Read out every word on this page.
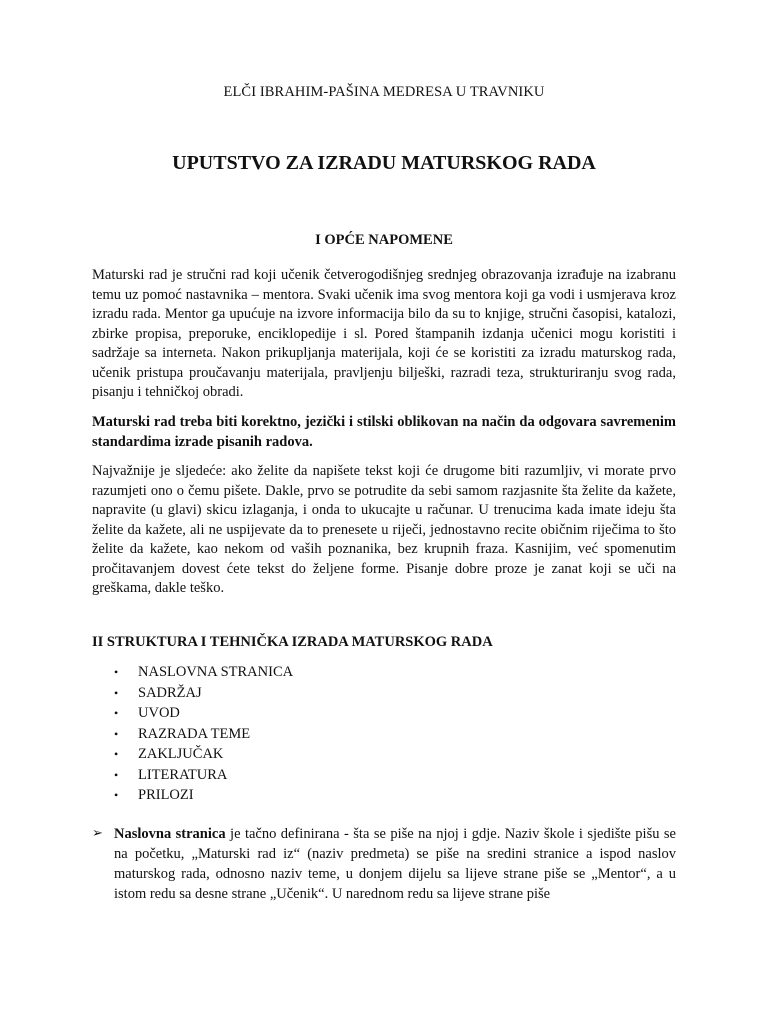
ELČI IBRAHIM-PAŠINA MEDRESA U TRAVNIKU
UPUTSTVO ZA IZRADU MATURSKOG RADA
I OPĆE NAPOMENE

Maturski rad je stručni rad koji učenik četverogodišnjeg srednjeg obrazovanja izrađuje na izabranu temu uz pomoć nastavnika – mentora. Svaki učenik ima svog mentora koji ga vodi i usmjerava kroz izradu rada. Mentor ga upućuje na izvore informacija bilo da su to knjige, stručni časopisi, katalozi, zbirke propisa, preporuke, enciklopedije i sl. Pored štampanih izdanja učenici mogu koristiti i sadržaje sa interneta. Nakon prikupljanja materijala, koji će se koristiti za izradu maturskog rada, učenik pristupa proučavanju materijala, pravljenju bilješki, razradi teza, strukturiranju svog rada, pisanju i tehničkoj obradi.

Maturski rad treba biti korektno, jezički i stilski oblikovan na način da odgovara savremenim standardima izrade pisanih radova.

Najvažnije je sljedeće: ako želite da napišete tekst koji će drugome biti razumljiv, vi morate prvo razumjeti ono o čemu pišete. Dakle, prvo se potrudite da sebi samom razjasnite šta želite da kažete, napravite (u glavi) skicu izlaganja, i onda to ukucajte u računar. U trenucima kada imate ideju šta želite da kažete, ali ne uspijevate da to prenesete u riječi, jednostavno recite običnim riječima to što želite da kažete, kao nekom od vaših poznanika, bez krupnih fraza. Kasnijim, već spomenutim pročitavanjem dovest ćete tekst do željene forme. Pisanje dobre proze je zanat koji se uči na greškama, dakle teško.

II STRUKTURA I TEHNIČKA IZRADA MATURSKOG RADA
• NASLOVNA STRANICA
• SADRŽAJ
• UVOD
• RAZRADA TEME
• ZAKLJUČAK
• LITERATURA
• PRILOZI
➢ Naslovna stranica je tačno definirana - šta se piše na njoj i gdje. Naziv škole i sjedište pišu se na početku, „Maturski rad iz“ (naziv predmeta) se piše na sredini stranice a ispod naslov maturskog rada, odnosno naziv teme, u donjem dijelu sa lijeve strane piše se „Mentor“, a u istom redu sa desne strane „Učenik“. U narednom redu sa lijeve strane piše
